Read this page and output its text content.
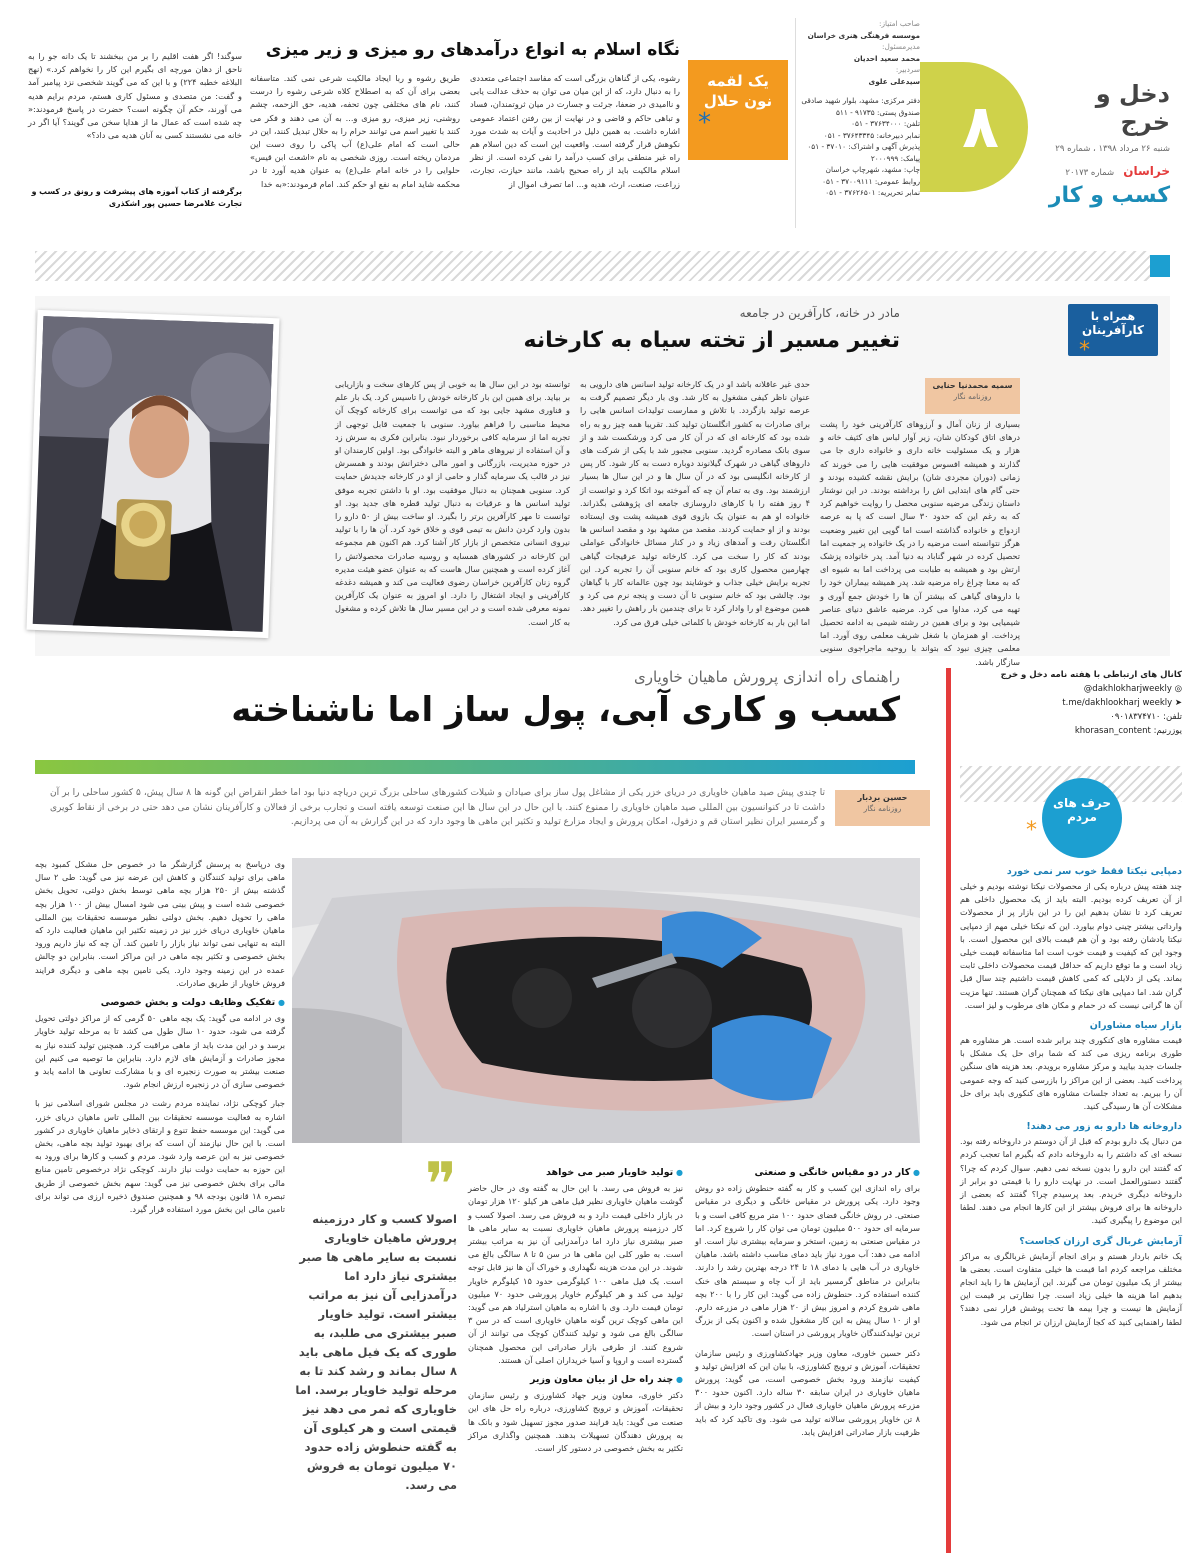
دخل و خرج
شنبه ۲۶ مرداد ۱۳۹۸ ، شماره ۲۹
خراسان شماره ۲۰۱۷۳
کسب و کار
۸
صاحب امتیاز:
موسسه فرهنگی هنری خراسان
مدیرمسئول:
محمد سعید احدیان
سردبیر:
سیدعلی علوی
دفتر مرکزی: مشهد، بلوار شهید صادقی
صندوق پستی: ۹۱۷۳۵ - ۵۱۱
تلفن: ۳۷۶۳۴۰۰۰ - ۰۵۱
نمابر دبیرخانه: ۳۷۶۴۳۳۴۵ - ۰۵۱
پذیرش آگهی و اشتراک: ۳۷۰۱۰ - ۰۵۱
پیامک: ۲۰۰۰۹۹۹
چاپ: مشهد، شهرچاپ خراسان
روابط عمومی: ۳۷۰۰۹۱۱۱ - ۰۵۱
نمابر تحریریه: ۳۷۶۲۶۵۰۱ - ۰۵۱
یک لقمه
نون حلال
*
نگاه اسلام به انواع درآمدهای رو میزی و زیر میزی
رشوه، یکی از گناهان بزرگی است که مفاسد اجتماعی متعددی را به دنبال دارد، که از این میان می توان به حذف عدالت یابی و ناامیدی در ضعفا، جرئت و جسارت در میان ثروتمندان، فساد و تباهی حاکم و قاضی و در نهایت از بین رفتن اعتماد عمومی اشاره داشت. به همین دلیل در احادیث و آیات به شدت مورد نکوهش قرار گرفته است. واقعیت این است که دین اسلام هم راه غیر منطقی برای کسب درآمد را نفی کرده است. از نظر اسلام مالکیت باید از راه صحیح باشد، مانند حیازت، تجارت، زراعت، صنعت، ارث، هدیه و... اما تصرف اموال از
طریق رشوه و ربا ایجاد مالکیت شرعی نمی کند. متاسفانه بعضی برای آن که به اصطلاح کلاه شرعی رشوه را درست کنند، نام های مختلفی چون تحفه، هدیه، حق الزحمه، چشم روشنی، زیر میزی، رو میزی و... به آن می دهند و فکر می کنند با تغییر اسم می توانند حرام را به حلال تبدیل کنند، این در حالی است که امام علی(ع) آب پاکی را روی دست این مردمان ریخته است. روزی شخصی به نام «اشعث ابن قیس» حلوایی را در خانه امام علی(ع) به عنوان هدیه آورد تا در محکمه شاید امام به نفع او حکم کند. امام فرمودند:«به خدا
سوگند! اگر هفت اقلیم را بر من ببخشند تا یک دانه جو را به ناحق از دهان مورچه ای بگیرم این کار را نخواهم کرد.» (نهج البلاغه خطبه ۲۲۴) و با این که می گویند شخصی نزد پیامبر آمد و گفت: من متصدی و مسئول کاری هستم، مردم برایم هدیه می آورند، حکم آن چگونه است؟ حضرت در پاسخ فرمودند:« چه شده است که عمال ما از هدایا سخن می گویند؟ آیا اگر در خانه می نشستند کسی به آنان هدیه می داد؟»
برگرفته از کتاب آموزه های پیشرفت و رونق در کسب و تجارت غلامرضا حسین پور اشکذری
همراه با
کارآفرینان
*
مادر در خانه، کارآفرین در جامعه
تغییر مسیر از تخته سیاه به کارخانه
سمیه محمدنیا حنایی
روزنامه نگار
بسیاری از زنان آمال و آرزوهای کارآفرینی خود را پشت درهای اتاق کودکان شان، زیر آوار لباس های کثیف خانه و هزار و یک مسئولیت خانه داری و خانواده داری جا می گذارند و همیشه افسوس موفقیت هایی را می خورند که زمانی (دوران مجردی شان) برایش نقشه کشیده بودند و حتی گام های ابتدایی اش را برداشته بودند. در این نوشتار داستان زندگی مرضیه سنوبی محصل را روایت خواهیم کرد که به رغم این که حدود ۳۰ سال است که پا به عرصه ازدواج و خانواده گذاشته است اما گویی این تغییر وضعیت هرگز نتوانسته است مرضیه را در یک خانواده پر جمعیت اما تحصیل کرده در شهر گناباد به دنیا آمد. پدر خانواده پزشک ارتش بود و همیشه به طبابت می پرداخت اما به شیوه ای که به معنا چراغ راه مرضیه شد. پدر همیشه بیماران خود را با داروهای گیاهی که بیشتر آن ها را خودش جمع آوری و تهیه می کرد، مداوا می کرد. مرضیه عاشق دنیای عناصر شیمیایی بود و برای همین در رشته شیمی به ادامه تحصیل پرداخت. او همزمان با شغل شریف معلمی روی آورد. اما معلمی چیزی نبود که بتواند با روحیه ماجراجوی سنوبی سازگار باشد.
حدی غیر عاقلانه باشد او در یک کارخانه تولید اسانس های دارویی به عنوان ناظر کیفی مشغول به کار شد. وی بار دیگر تصمیم گرفت به عرصه تولید بازگردد. با تلاش و ممارست تولیدات اسانس هایی را برای صادرات به کشور انگلستان تولید کند. تقریبا همه چیز رو به راه شده بود که کارخانه ای که در آن کار می کرد ورشکست شد و از سوی بانک مصادره گردید. سنوبی مجبور شد با یکی از شرکت های داروهای گیاهی در شهرک گیلانوند دوباره دست به کار شود. کار پس از کارخانه انگلیسی بود که در آن سال ها و در این سال ها بسیار ارزشمند بود. وی به تمام آن چه که آموخته بود اتکا کرد و توانست از ۴ روز هفته را با کارهای داروسازی جامعه ای پژوهشی بگذراند. خانواده او هم به عنوان یک بازوی قوی همیشه پشت وی ایستاده بودند و از او حمایت کردند. مقصد من مشهد بود و مقصد اسانس ها انگلستان رفت و آمدهای زیاد و در کنار مسائل خانوادگی عواملی بودند که کار را سخت می کرد. کارخانه تولید عرقیجات گیاهی چهارمین محصول کاری بود که خانم سنوبی آن را تجربه کرد. این تجربه برایش خیلی جذاب و خوشایند بود چون عالمانه کار با گیاهان بود. چالشی بود که خانم سنوبی تا آن دست و پنجه نرم می کرد و همین موضوع او را وادار کرد تا برای چندمین بار راهش را تغییر دهد. اما این بار به کارخانه خودش با کلماتی خیلی فرق می کرد.
توانسته بود در این سال ها به خوبی از پس کارهای سخت و بازاریابی بر بیاید. برای همین این بار کارخانه خودش را تاسیس کرد. یک بار علم و فناوری مشهد جایی بود که می توانست برای کارخانه کوچک آن محیط مناسبی را فراهم بیاورد. سنوبی با جمعیت قابل توجهی از تجربه اما از سرمایه کافی برخوردار نبود. بنابراین فکری به سرش زد و آن استفاده از نیروهای ماهر و البته خانوادگی بود. اولین کارمندان او در حوزه مدیریت، بازرگانی و امور مالی دخترانش بودند و همسرش نیز در قالب یک سرمایه گذار و حامی از او در کارخانه جدیدش حمایت کرد. سنوبی همچنان به دنبال موفقیت بود. او با داشتن تجربه موفق تولید اسانس ها و عرقیات به دنبال تولید قطره های جدید بود. او توانست تا مهر کارآفرین برتر را بگیرد. او ساخت بیش از ۵۰ دارو را بدون وارد کردن دانش به تیمی قوی و خلاق خود کرد. آن ها را با تولید نیروی انسانی متخصص از بازار کار آشنا کرد. هم اکنون هم مجموعه این کارخانه در کشورهای همسایه و روسیه صادرات محصولاتش را آغاز کرده است و همچنین سال هاست که به عنوان عضو هیئت مدیره گروه زنان کارآفرین خراسان رضوی فعالیت می کند و همیشه دغدغه کارآفرینی و ایجاد اشتغال را دارد. او امروز به عنوان یک کارآفرین نمونه معرفی شده است و در این مسیر سال ها تلاش کرده و مشغول به کار است.
کانال های ارتباطی با هفته نامه دخل و خرج
@dakhlokharjweekly ◎
t.me/dakhlookharj weekly ➤
تلفن: ۰۹۰۱۸۳۷۴۷۱۰
یوزرنیم: khorasan_content
حرف های
مردم
*
دمپایی نیکتا فقط خوب سر نمی خورد
چند هفته پیش درباره یکی از محصولات نیکتا نوشته بودیم و خیلی از آن تعریف کرده بودیم. البته باید از یک محصول داخلی هم تعریف کرد تا نشان بدهیم این را در این بازار پر از محصولات وارداتی بیشتر چینی دوام بیاورد. این که نیکتا خیلی مهم از دمپایی نیکتا یادشان رفته بود و آن هم قیمت بالای این محصول است. با وجود این که کیفیت و قیمت خوب است اما متاسفانه قیمت خیلی زیاد است و ما توقع داریم که حداقل قیمت محصولات داخلی ثابت بماند. یکی از دلایلی که کمی کاهش قیمت داشتیم چند سال قبل گران شد. اما دمپایی های نیکتا که همچنان گران هستند. تنها مزیت آن ها گرانی نیست که در حمام و مکان های مرطوب و لیز است.
بازار سیاه مشاوران
قیمت مشاوره های کنکوری چند برابر شده است. هر مشاوره هم طوری برنامه ریزی می کند که شما برای حل یک مشکل با جلسات جدید بیایید و مرکز مشاوره برویدم. بعد هزینه های سنگین پرداخت کنید. بعضی از این مراکز را بازرسی کنید که وجه عمومی آن را ببریم. به تعداد جلسات مشاوره های کنکوری باید برای حل مشکلات آن ها رسیدگی کنید.
داروخانه ها دارو به زور می دهند!
من دنبال یک دارو بودم که قبل از آن دوستم در داروخانه رفته بود. نسخه ای که داشتم را به داروخانه دادم که بگیرم اما تعجب کردم که گفتند این دارو را بدون نسخه نمی دهیم. سوال کردم که چرا؟ گفتند دستورالعمل است. در نهایت دارو را با قیمتی دو برابر از داروخانه دیگری خریدم. بعد پرسیدم چرا؟ گفتند که بعضی از داروخانه ها برای فروش بیشتر از این کارها انجام می دهند. لطفا این موضوع را پیگیری کنید.
آزمایش غربال گری ارزان کجاست؟
یک خانم باردار هستم و برای انجام آزمایش غربالگری به مراکز مختلف مراجعه کردم اما قیمت ها خیلی متفاوت است. بعضی ها بیشتر از یک میلیون تومان می گیرند. این آزمایش ها را باید انجام بدهیم اما هزینه ها خیلی زیاد است. چرا نظارتی بر قیمت این آزمایش ها نیست و چرا بیمه ها تحت پوشش قرار نمی دهند؟ لطفا راهنمایی کنید که کجا آزمایش ارزان تر انجام می شود.
راهنمای راه اندازی پرورش ماهیان خاویاری
کسب و کاری آبی، پول ساز اما ناشناخته
حسین بردبار
روزنامه نگار
تا چندی پیش صید ماهیان خاویاری در دریای خزر یکی از مشاغل پول ساز برای صیادان و شیلات کشورهای ساحلی بزرگ ترین دریاچه دنیا بود اما خطر انقراض این گونه ها ۸ سال پیش، ۵ کشور ساحلی را بر آن داشت تا در کنوانسیون بین المللی صید ماهیان خاویاری را ممنوع کنند. با این حال در این سال ها این صنعت توسعه یافته است و تجارب برخی از فعالان و کارآفرینان نشان می دهد حتی در برخی از نقاط کویری و گرمسیر ایران نظیر استان قم و دزفول، امکان پرورش و ایجاد مزارع تولید و تکثیر این ماهی ها وجود دارد که در این گزارش به آن می پردازیم.
وی درپاسخ به پرسش گزارشگر ما در خصوص حل مشکل کمبود بچه ماهی برای تولید کنندگان و کاهش این عرضه نیز می گوید: طی ۲ سال گذشته بیش از ۲۵۰ هزار بچه ماهی توسط بخش دولتی، تحویل بخش خصوصی شده است و پیش بینی می شود امسال بیش از ۱۰۰ هزار بچه ماهی را تحویل دهیم. بخش دولتی نظیر موسسه تحقیقات بین المللی ماهیان خاویاری دریای خزر نیز در زمینه تکثیر این ماهیان فعالیت دارد که البته به تنهایی نمی تواند نیاز بازار را تامین کند. آن چه که نیاز داریم ورود بخش خصوصی و تکثیر بچه ماهی در این مراکز است. بنابراین دو چالش عمده در این زمینه وجود دارد. یکی تامین بچه ماهی و دیگری فرایند فروش خاویار از طریق صادرات.
● تفکیک وظایف دولت و بخش خصوصی
وی در ادامه می گوید: یک بچه ماهی ۵۰ گرمی که از مراکز دولتی تحویل گرفته می شود، حدود ۱۰ سال طول می کشد تا به مرحله تولید خاویار برسد و در این مدت باید از ماهی مراقبت کرد. همچنین تولید کننده نیاز به مجوز صادرات و آزمایش های لازم دارد. بنابراین ما توصیه می کنیم این صنعت بیشتر به صورت زنجیره ای و با مشارکت تعاونی ها ادامه یابد و خصوصی سازی آن در زنجیره ارزش انجام شود.
جبار کوچکی نژاد، نماینده مردم رشت در مجلس شورای اسلامی نیز با اشاره به فعالیت موسسه تحقیقات بین المللی تاس ماهیان دریای خزر، می گوید: این موسسه حفظ تنوع و ارتقای ذخایر ماهیان خاویاری در کشور است. با این حال نیازمند آن است که برای بهبود تولید بچه ماهی، بخش خصوصی نیز به این عرصه وارد شود. مردم و کسب و کارها برای ورود به این حوزه به حمایت دولت نیاز دارند. کوچکی نژاد درخصوص تامین منابع مالی برای بخش خصوصی نیز می گوید: سهم بخش خصوصی از طریق تبصره ۱۸ قانون بودجه ۹۸ و همچنین صندوق ذخیره ارزی می تواند برای تامین مالی این بخش مورد استفاده قرار گیرد.	❞
اصولا کسب و کار درزمینه پرورش ماهیان خاویاری نسبت به سایر ماهی ها صبر بیشتری نیاز دارد اما درآمدزایی آن نیز به مراتب بیشتر است. تولید خاویار صبر بیشتری می طلبد، به طوری که یک فیل ماهی باید ۸ سال بماند و رشد کند تا به مرحله تولید خاویار برسد. اما خاویاری که ثمر می دهد نیز قیمتی است و هر کیلوی آن به گفته حنطوش زاده حدود ۷۰ میلیون تومان به فروش می رسد.
● تولید خاویار صبر می خواهد
نیز به فروش می رسد. با این حال به گفته وی در حال حاضر گوشت ماهیان خاویاری نظیر فیل ماهی هر کیلو ۱۲۰ هزار تومان در بازار داخلی قیمت دارد و به فروش می رسد. اصولا کسب و کار درزمینه پرورش ماهیان خاویاری نسبت به سایر ماهی ها صبر بیشتری نیاز دارد اما درآمدزایی آن نیز به مراتب بیشتر است. به طور کلی این ماهی ها در سن ۵ تا ۸ سالگی بالغ می شوند. در این مدت هزینه نگهداری و خوراک آن ها نیز قابل توجه است. یک فیل ماهی ۱۰۰ کیلوگرمی حدود ۱۵ کیلوگرم خاویار تولید می کند و هر کیلوگرم خاویار پرورشی حدود ۷۰ میلیون تومان قیمت دارد. وی با اشاره به ماهیان استرلیاد هم می گوید: این ماهی کوچک ترین گونه ماهیان خاویاری است که در سن ۳ سالگی بالغ می شود و تولید کنندگان کوچک می توانند از آن شروع کنند. از طرفی بازار صادراتی این محصول همچنان گسترده است و اروپا و آسیا خریداران اصلی آن هستند.
● چند راه حل از بیان معاون وزیر
دکتر خاوری، معاون وزیر جهاد کشاورزی و رئیس سازمان تحقیقات، آموزش و ترویج کشاورزی، درباره راه حل های این صنعت می گوید: باید فرایند صدور مجوز تسهیل شود و بانک ها به پرورش دهندگان تسهیلات بدهند. همچنین واگذاری مراکز تکثیر به بخش خصوصی در دستور کار است.
● کار در دو مقیاس خانگی و صنعتی
برای راه اندازی این کسب و کار به گفته حنطوش زاده دو روش وجود دارد. یکی پرورش در مقیاس خانگی و دیگری در مقیاس صنعتی. در روش خانگی فضای حدود ۱۰۰ متر مربع کافی است و با سرمایه ای حدود ۵۰۰ میلیون تومان می توان کار را شروع کرد. اما در مقیاس صنعتی به زمین، استخر و سرمایه بیشتری نیاز است. او ادامه می دهد: آب مورد نیاز باید دمای مناسب داشته باشد. ماهیان خاویاری در آب هایی با دمای ۱۸ تا ۲۴ درجه بهترین رشد را دارند. بنابراین در مناطق گرمسیر باید از آب چاه و سیستم های خنک کننده استفاده کرد. حنطوش زاده می گوید: این کار را با ۲۰۰ بچه ماهی شروع کردم و امروز بیش از ۲۰ هزار ماهی در مزرعه دارم. او از ۱۰ سال پیش به این کار مشغول شده و اکنون یکی از بزرگ ترین تولیدکنندگان خاویار پرورشی در استان است.
دکتر حسین خاوری، معاون وزیر جهادکشاورزی و رئیس سازمان تحقیقات، آموزش و ترویج کشاورزی، با بیان این که افزایش تولید و کیفیت نیازمند ورود بخش خصوصی است، می گوید: پرورش ماهیان خاویاری در ایران سابقه ۳۰ ساله دارد. اکنون حدود ۳۰۰ مزرعه پرورش ماهیان خاویاری فعال در کشور وجود دارد و بیش از ۸ تن خاویار پرورشی سالانه تولید می شود. وی تاکید کرد که باید ظرفیت بازار صادراتی افزایش یابد.
